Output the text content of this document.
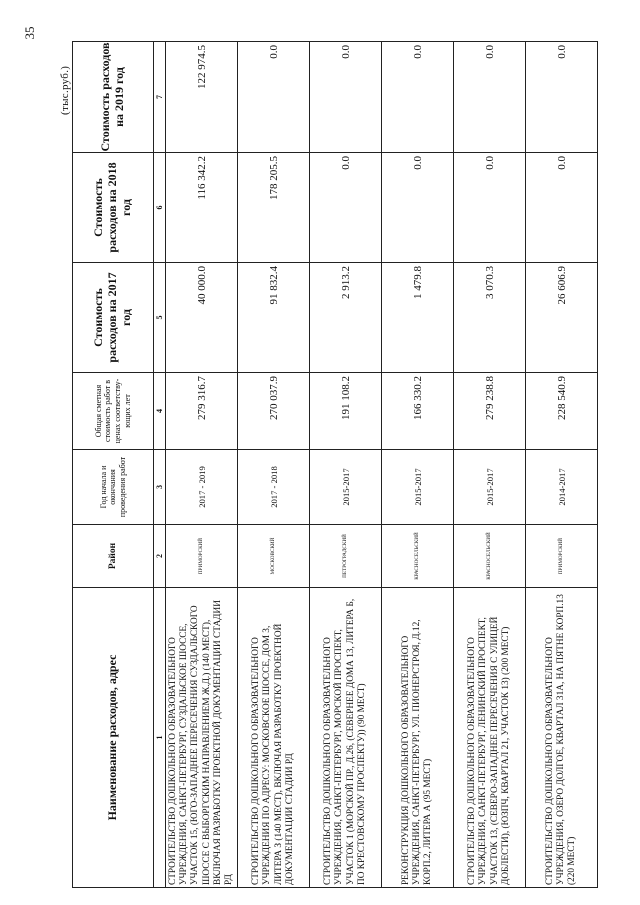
35
(тыс.руб.)
Наименование расходов, адрес	Район	Год начала и окончания проведения работ	Общая сметная стоимость работ в ценах соответству-ющих лет	Стоимость расходов на 2017 год	Стоимость расходов на 2018 год	Стоимость расходов на 2019 год
1	2	3	4	5	6	7
СТРОИТЕЛЬСТВО ДОШКОЛЬНОГО ОБРАЗОВАТЕЛЬНОГО УЧРЕЖДЕНИЯ, САНКТ-ПЕТЕРБУРГ, СУЗДАЛЬСКОЕ ШОССЕ, УЧАСТОК 15, (ЮГО-ЗАПАДНЕЕ ПЕРЕСЕЧЕНИЯ СУЗДАЛЬСКОГО ШОССЕ С ВЫБОРГСКИМ НАПРАВЛЕНИЕМ Ж.Д.) (140 МЕСТ), ВКЛЮЧАЯ РАЗРАБОТКУ ПРОЕКТНОЙ ДОКУМЕНТАЦИИ СТАДИИ РД	ПРИМОРСКИЙ	2017 - 2019	279 316.7	40 000.0	116 342.2	122 974.5
СТРОИТЕЛЬСТВО ДОШКОЛЬНОГО ОБРАЗОВАТЕЛЬНОГО УЧРЕЖДЕНИЯ ПО АДРЕСУ: МОСКОВСКОЕ ШОССЕ, ДОМ 3, ЛИТЕРА З (140 МЕСТ), ВКЛЮЧАЯ РАЗРАБОТКУ ПРОЕКТНОЙ ДОКУМЕНТАЦИИ СТАДИИ РД	МОСКОВСКИЙ	2017 - 2018	270 037.9	91 832.4	178 205.5	0.0
СТРОИТЕЛЬСТВО ДОШКОЛЬНОГО ОБРАЗОВАТЕЛЬНОГО УЧРЕЖДЕНИЯ, САНКТ-ПЕТЕРБУРГ, МОРСКОЙ ПРОСПЕКТ, УЧАСТОК 1 (МОРСКОЙ ПР., Д.26, (СЕВЕРНЕЕ ДОМА 13, ЛИТЕРА Б, ПО КРЕСТОВСКОМУ ПРОСПЕКТУ)) (90 МЕСТ)	ПЕТРОГРАДСКИЙ	2015-2017	191 108.2	2 913.2	0.0	0.0
РЕКОНСТРУКЦИЯ ДОШКОЛЬНОГО ОБРАЗОВАТЕЛЬНОГО УЧРЕЖДЕНИЯ, САНКТ-ПЕТЕРБУРГ, УЛ. ПИОНЕРСТРОЯ, Д.12, КОРП.2, ЛИТЕРА А (95 МЕСТ)	КРАСНОСЕЛЬСКИЙ	2015-2017	166 330.2	1 479.8	0.0	0.0
СТРОИТЕЛЬСТВО ДОШКОЛЬНОГО ОБРАЗОВАТЕЛЬНОГО УЧРЕЖДЕНИЯ, САНКТ-ПЕТЕРБУРГ, ЛЕНИНСКИЙ ПРОСПЕКТ, УЧАСТОК 13, (СЕВЕРО-ЗАПАДНЕЕ ПЕРЕСЕЧЕНИЯ С УЛИЦЕЙ ДОБЛЕСТИ), (ЮЗПЧ, КВАРТАЛ 21, УЧАСТОК 13) (200 МЕСТ)	КРАСНОСЕЛЬСКИЙ	2015-2017	279 238.8	3 070.3	0.0	0.0
СТРОИТЕЛЬСТВО ДОШКОЛЬНОГО ОБРАЗОВАТЕЛЬНОГО УЧРЕЖДЕНИЯ, ОЗЕРО ДОЛГОЕ, КВАРТАЛ 31А, НА ПЯТНЕ КОРП.13 (220 МЕСТ)	ПРИМОРСКИЙ	2014-2017	228 540.9	26 606.9	0.0	0.0
